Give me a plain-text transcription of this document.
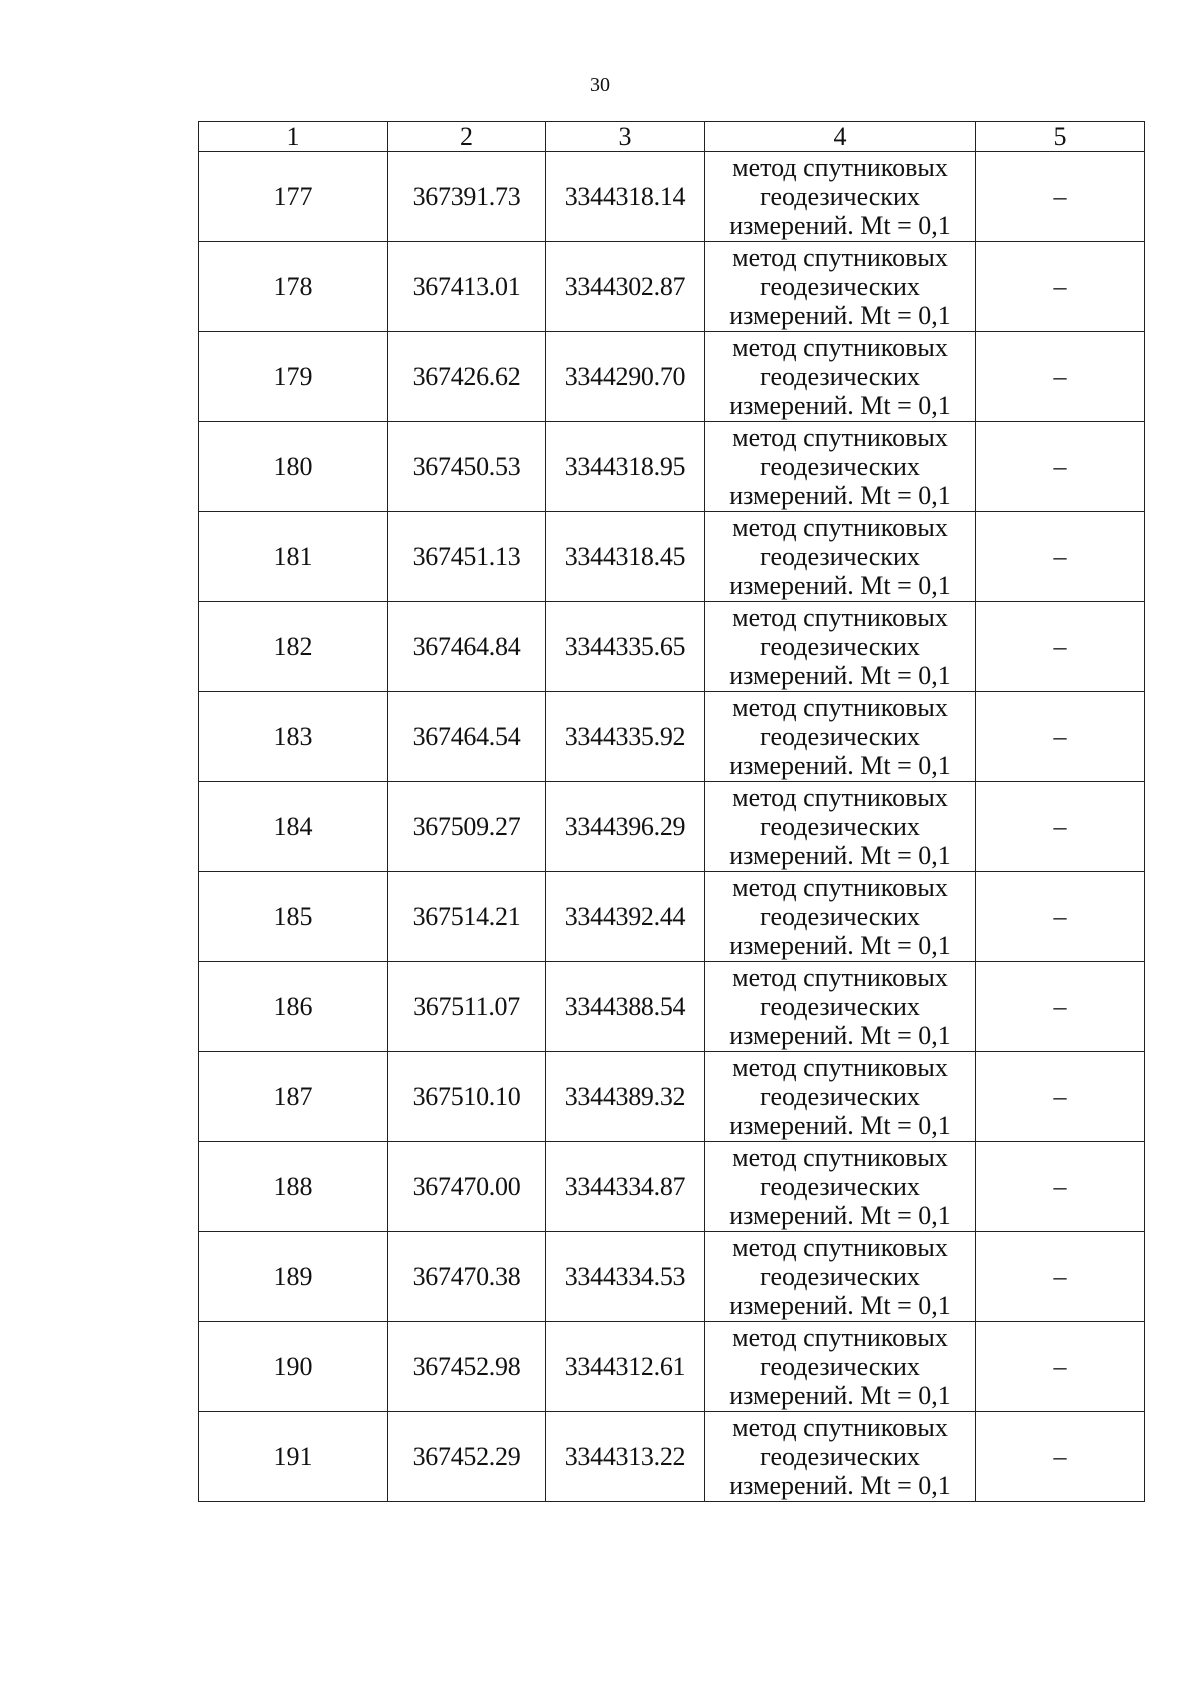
30
1	2	3	4	5
177	367391.73	3344318.14	метод спутниковых
геодезических
измерений. Mt = 0,1	–
178	367413.01	3344302.87	метод спутниковых
геодезических
измерений. Mt = 0,1	–
179	367426.62	3344290.70	метод спутниковых
геодезических
измерений. Mt = 0,1	–
180	367450.53	3344318.95	метод спутниковых
геодезических
измерений. Mt = 0,1	–
181	367451.13	3344318.45	метод спутниковых
геодезических
измерений. Mt = 0,1	–
182	367464.84	3344335.65	метод спутниковых
геодезических
измерений. Mt = 0,1	–
183	367464.54	3344335.92	метод спутниковых
геодезических
измерений. Mt = 0,1	–
184	367509.27	3344396.29	метод спутниковых
геодезических
измерений. Mt = 0,1	–
185	367514.21	3344392.44	метод спутниковых
геодезических
измерений. Mt = 0,1	–
186	367511.07	3344388.54	метод спутниковых
геодезических
измерений. Mt = 0,1	–
187	367510.10	3344389.32	метод спутниковых
геодезических
измерений. Mt = 0,1	–
188	367470.00	3344334.87	метод спутниковых
геодезических
измерений. Mt = 0,1	–
189	367470.38	3344334.53	метод спутниковых
геодезических
измерений. Mt = 0,1	–
190	367452.98	3344312.61	метод спутниковых
геодезических
измерений. Mt = 0,1	–
191	367452.29	3344313.22	метод спутниковых
геодезических
измерений. Mt = 0,1	–
